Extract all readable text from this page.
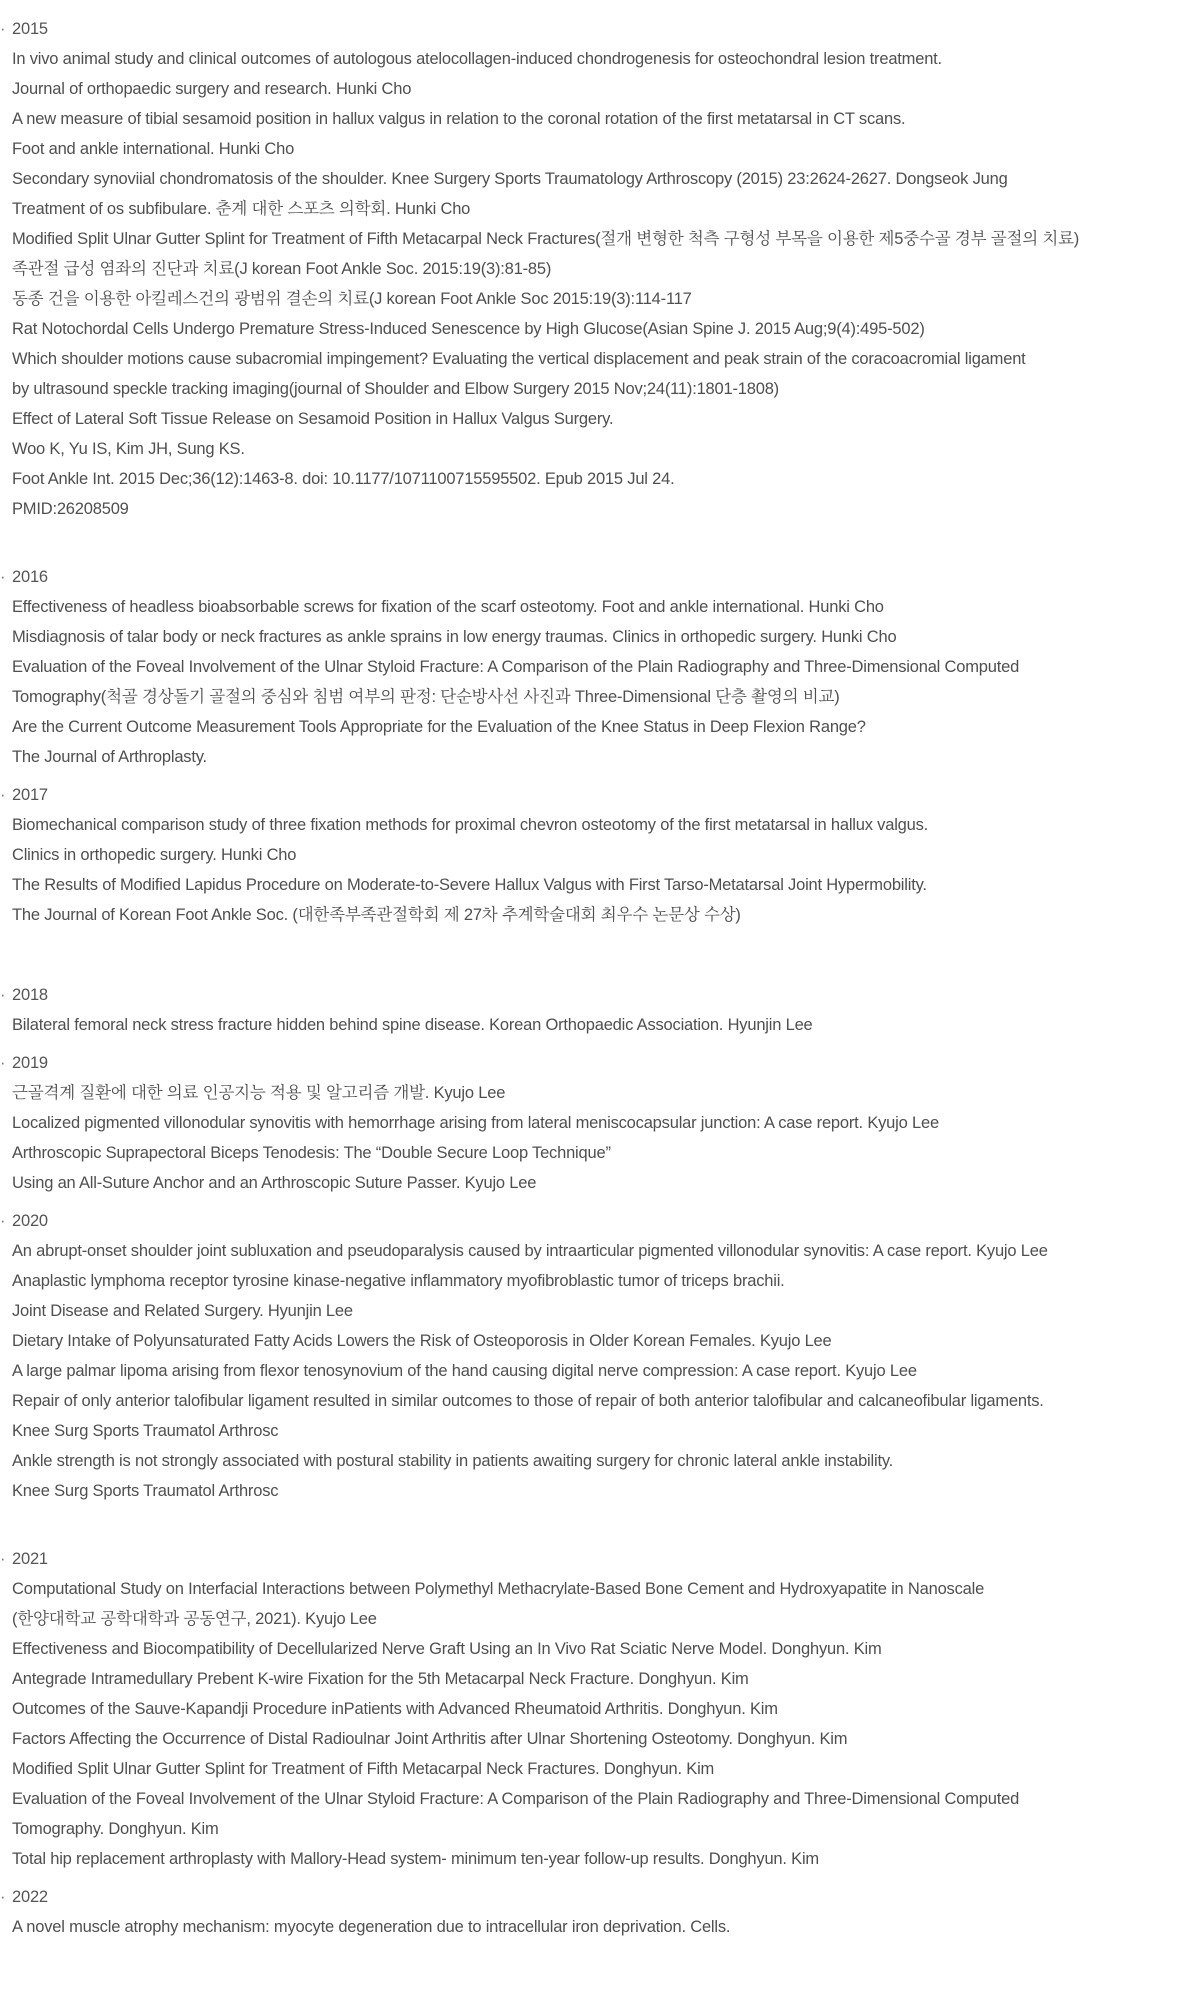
· 2015
In vivo animal study and clinical outcomes of autologous atelocollagen-induced chondrogenesis for osteochondral lesion treatment.
Journal of orthopaedic surgery and research. Hunki Cho
A new measure of tibial sesamoid position in hallux valgus in relation to the coronal rotation of the first metatarsal in CT scans.
Foot and ankle international. Hunki Cho
Secondary synoviial chondromatosis of the shoulder. Knee Surgery Sports Traumatology Arthroscopy (2015) 23:2624-2627. Dongseok Jung
Treatment of os subfibulare. 춘계 대한 스포츠 의학회. Hunki Cho
Modified Split Ulnar Gutter Splint for Treatment of Fifth Metacarpal Neck Fractures(절개 변형한 척측 구형성 부목을 이용한 제5중수골 경부 골절의 치료)
족관절 급성 염좌의 진단과 치료(J korean Foot Ankle Soc. 2015:19(3):81-85)
동종 건을 이용한 아킬레스건의 광범위 결손의 치료(J korean Foot Ankle Soc 2015:19(3):114-117
Rat Notochordal Cells Undergo Premature Stress-Induced Senescence by High Glucose(Asian Spine J. 2015 Aug;9(4):495-502)
Which shoulder motions cause subacromial impingement? Evaluating the vertical displacement and peak strain of the coracoacromial ligament
by ultrasound speckle tracking imaging(journal of Shoulder and Elbow Surgery 2015 Nov;24(11):1801-1808)
Effect of Lateral Soft Tissue Release on Sesamoid Position in Hallux Valgus Surgery.
Woo K, Yu IS, Kim JH, Sung KS.
Foot Ankle Int. 2015 Dec;36(12):1463-8. doi: 10.1177/1071100715595502. Epub 2015 Jul 24.
PMID:26208509
· 2016
Effectiveness of headless bioabsorbable screws for fixation of the scarf osteotomy. Foot and ankle international. Hunki Cho
Misdiagnosis of talar body or neck fractures as ankle sprains in low energy traumas. Clinics in orthopedic surgery. Hunki Cho
Evaluation of the Foveal Involvement of the Ulnar Styloid Fracture: A Comparison of the Plain Radiography and Three-Dimensional Computed
Tomography(척골 경상돌기 골절의 중심와 침범 여부의 판정: 단순방사선 사진과 Three-Dimensional 단층 촬영의 비교)
Are the Current Outcome Measurement Tools Appropriate for the Evaluation of the Knee Status in Deep Flexion Range?
The Journal of Arthroplasty.
· 2017
Biomechanical comparison study of three fixation methods for proximal chevron osteotomy of the first metatarsal in hallux valgus.
Clinics in orthopedic surgery. Hunki Cho
The Results of Modified Lapidus Procedure on Moderate-to-Severe Hallux Valgus with First Tarso-Metatarsal Joint Hypermobility.
The Journal of Korean Foot Ankle Soc. (대한족부족관절학회 제 27차 추계학술대회 최우수 논문상 수상)
· 2018
Bilateral femoral neck stress fracture hidden behind spine disease. Korean Orthopaedic Association. Hyunjin Lee
· 2019
근골격계 질환에 대한 의료 인공지능 적용 및 알고리즘 개발. Kyujo Lee
Localized pigmented villonodular synovitis with hemorrhage arising from lateral meniscocapsular junction: A case report. Kyujo Lee
Arthroscopic Suprapectoral Biceps Tenodesis: The “Double Secure Loop Technique”
Using an All-Suture Anchor and an Arthroscopic Suture Passer. Kyujo Lee
· 2020
An abrupt-onset shoulder joint subluxation and pseudoparalysis caused by intraarticular pigmented villonodular synovitis: A case report. Kyujo Lee
Anaplastic lymphoma receptor tyrosine kinase-negative inflammatory myofibroblastic tumor of triceps brachii.
Joint Disease and Related Surgery. Hyunjin Lee
Dietary Intake of Polyunsaturated Fatty Acids Lowers the Risk of Osteoporosis in Older Korean Females. Kyujo Lee
A large palmar lipoma arising from flexor tenosynovium of the hand causing digital nerve compression: A case report. Kyujo Lee
Repair of only anterior talofibular ligament resulted in similar outcomes to those of repair of both anterior talofibular and calcaneofibular ligaments.
Knee Surg Sports Traumatol Arthrosc
Ankle strength is not strongly associated with postural stability in patients awaiting surgery for chronic lateral ankle instability.
Knee Surg Sports Traumatol Arthrosc
· 2021
Computational Study on Interfacial Interactions between Polymethyl Methacrylate-Based Bone Cement and Hydroxyapatite in Nanoscale
(한양대학교 공학대학과 공동연구, 2021). Kyujo Lee
Effectiveness and Biocompatibility of Decellularized Nerve Graft Using an In Vivo Rat Sciatic Nerve Model. Donghyun. Kim
Antegrade Intramedullary Prebent K-wire Fixation for the 5th Metacarpal Neck Fracture. Donghyun. Kim
Outcomes of the Sauve-Kapandji Procedure inPatients with Advanced Rheumatoid Arthritis. Donghyun. Kim
Factors Affecting the Occurrence of Distal Radioulnar Joint Arthritis after Ulnar Shortening Osteotomy. Donghyun. Kim
Modified Split Ulnar Gutter Splint for Treatment of Fifth Metacarpal Neck Fractures. Donghyun. Kim
Evaluation of the Foveal Involvement of the Ulnar Styloid Fracture: A Comparison of the Plain Radiography and Three-Dimensional Computed
Tomography. Donghyun. Kim
Total hip replacement arthroplasty with Mallory-Head system- minimum ten-year follow-up results. Donghyun. Kim
· 2022
A novel muscle atrophy mechanism: myocyte degeneration due to intracellular iron deprivation. Cells.
